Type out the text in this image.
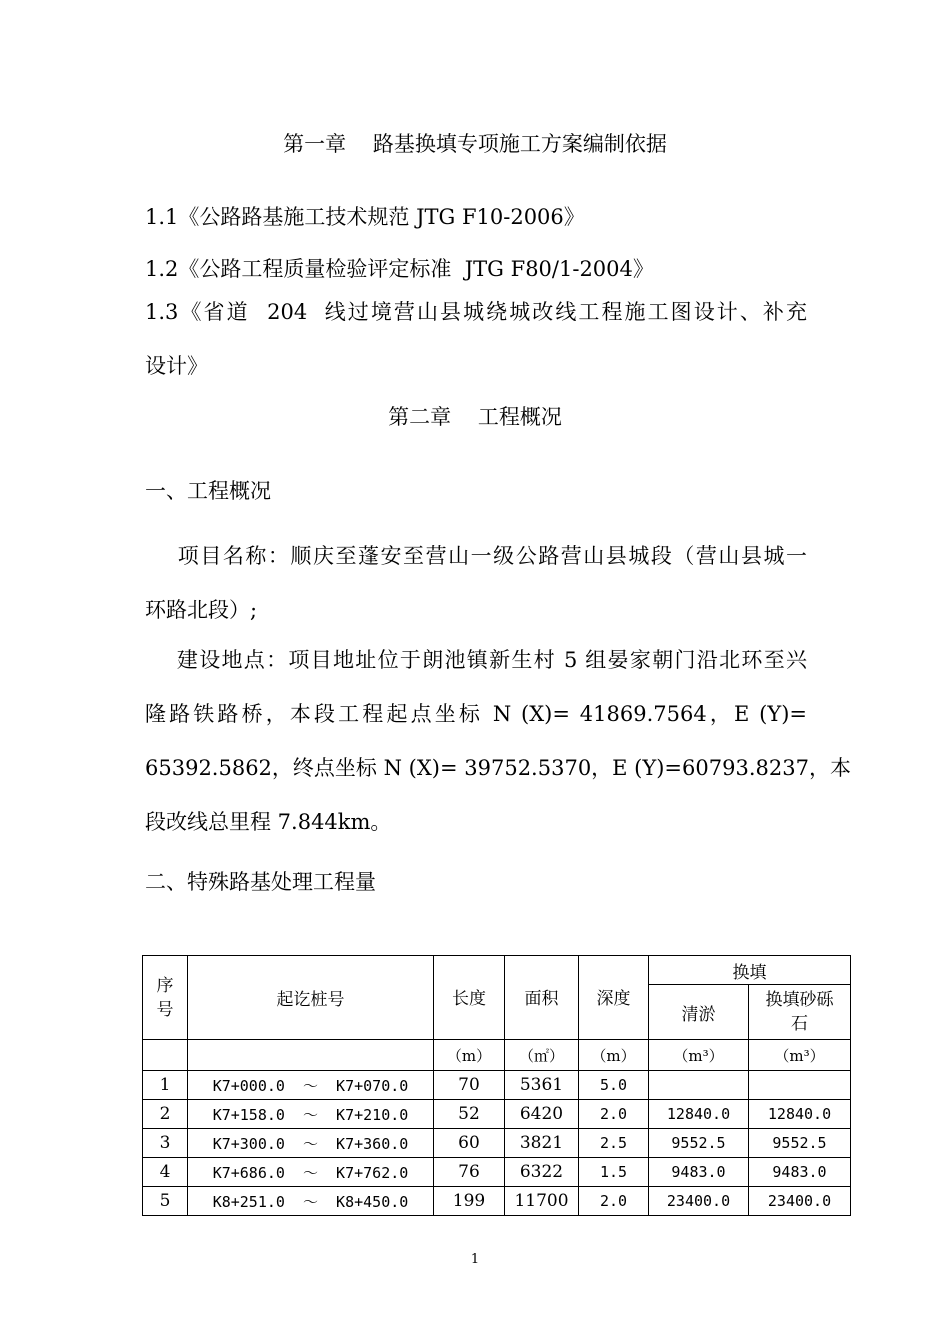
第一章    路基换填专项施工方案编制依据
1.1《公路路基施工技术规范 JTG F10-2006》
1.2《公路工程质量检验评定标准  JTG F80/1-2004》
1.3《省道  204  线过境营山县城绕城改线工程施工图设计、补充
设计》
第二章    工程概况
一、工程概况
项目名称：顺庆至蓬安至营山一级公路营山县城段（营山县城一
环路北段）;
建设地点：项目地址位于朗池镇新生村 5 组晏家朝门沿北环至兴
隆路铁路桥，本段工程起点坐标 N (X)= 41869.7564，E (Y)=
65392.5862，终点坐标 N (X)= 39752.5370，E (Y)=60793.8237，本
段改线总里程 7.844km。
二、特殊路基处理工程量
序号	起讫桩号	长度	面积	深度	换填	
					清淤	换填砂砾石
		（m）	（㎡）	（m）	（m³）	（m³）
1	K7+000.0  ～  K7+070.0	70	5361	5.0		
2	K7+158.0  ～  K7+210.0	52	6420	2.0	12840.0	12840.0
3	K7+300.0  ～  K7+360.0	60	3821	2.5	9552.5	9552.5
4	K7+686.0  ～  K7+762.0	76	6322	1.5	9483.0	9483.0
5	K8+251.0  ～  K8+450.0	199	11700	2.0	23400.0	23400.0
1
